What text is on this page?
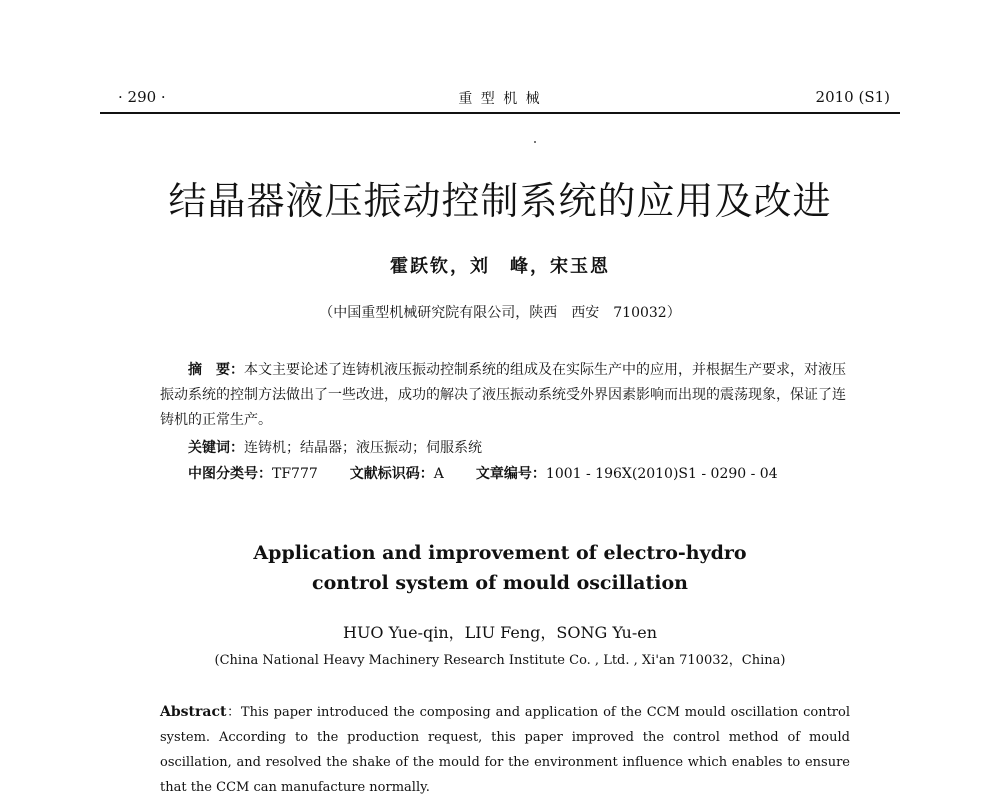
· 290 ·	重 型 机 械	2010 (S1)
结晶器液压振动控制系统的应用及改进
霍跃钦，刘　峰，宋玉恩
（中国重型机械研究院有限公司，陕西　西安　710032）
摘　要：本文主要论述了连铸机液压振动控制系统的组成及在实际生产中的应用，并根据生产要求，对液压振动系统的控制方法做出了一些改进，成功的解决了液压振动系统受外界因素影响而出现的震荡现象，保证了连铸机的正常生产。
关键词：连铸机；结晶器；液压振动；伺服系统
中图分类号：TF777 文献标识码：A 文章编号：1001 - 196X(2010)S1 - 0290 - 04
Application and improvement of electro-hydro
control system of mould oscillation
HUO Yue-qin，LIU Feng，SONG Yu-en
(China National Heavy Machinery Research Institute Co. , Ltd. , Xi'an 710032，China)
Abstract：This paper introduced the composing and application of the CCM mould oscillation control system. According to the production request, this paper improved the control method of mould oscillation, and resolved the shake of the mould for the environment influence which enables to ensure that the CCM can manufacture normally.
